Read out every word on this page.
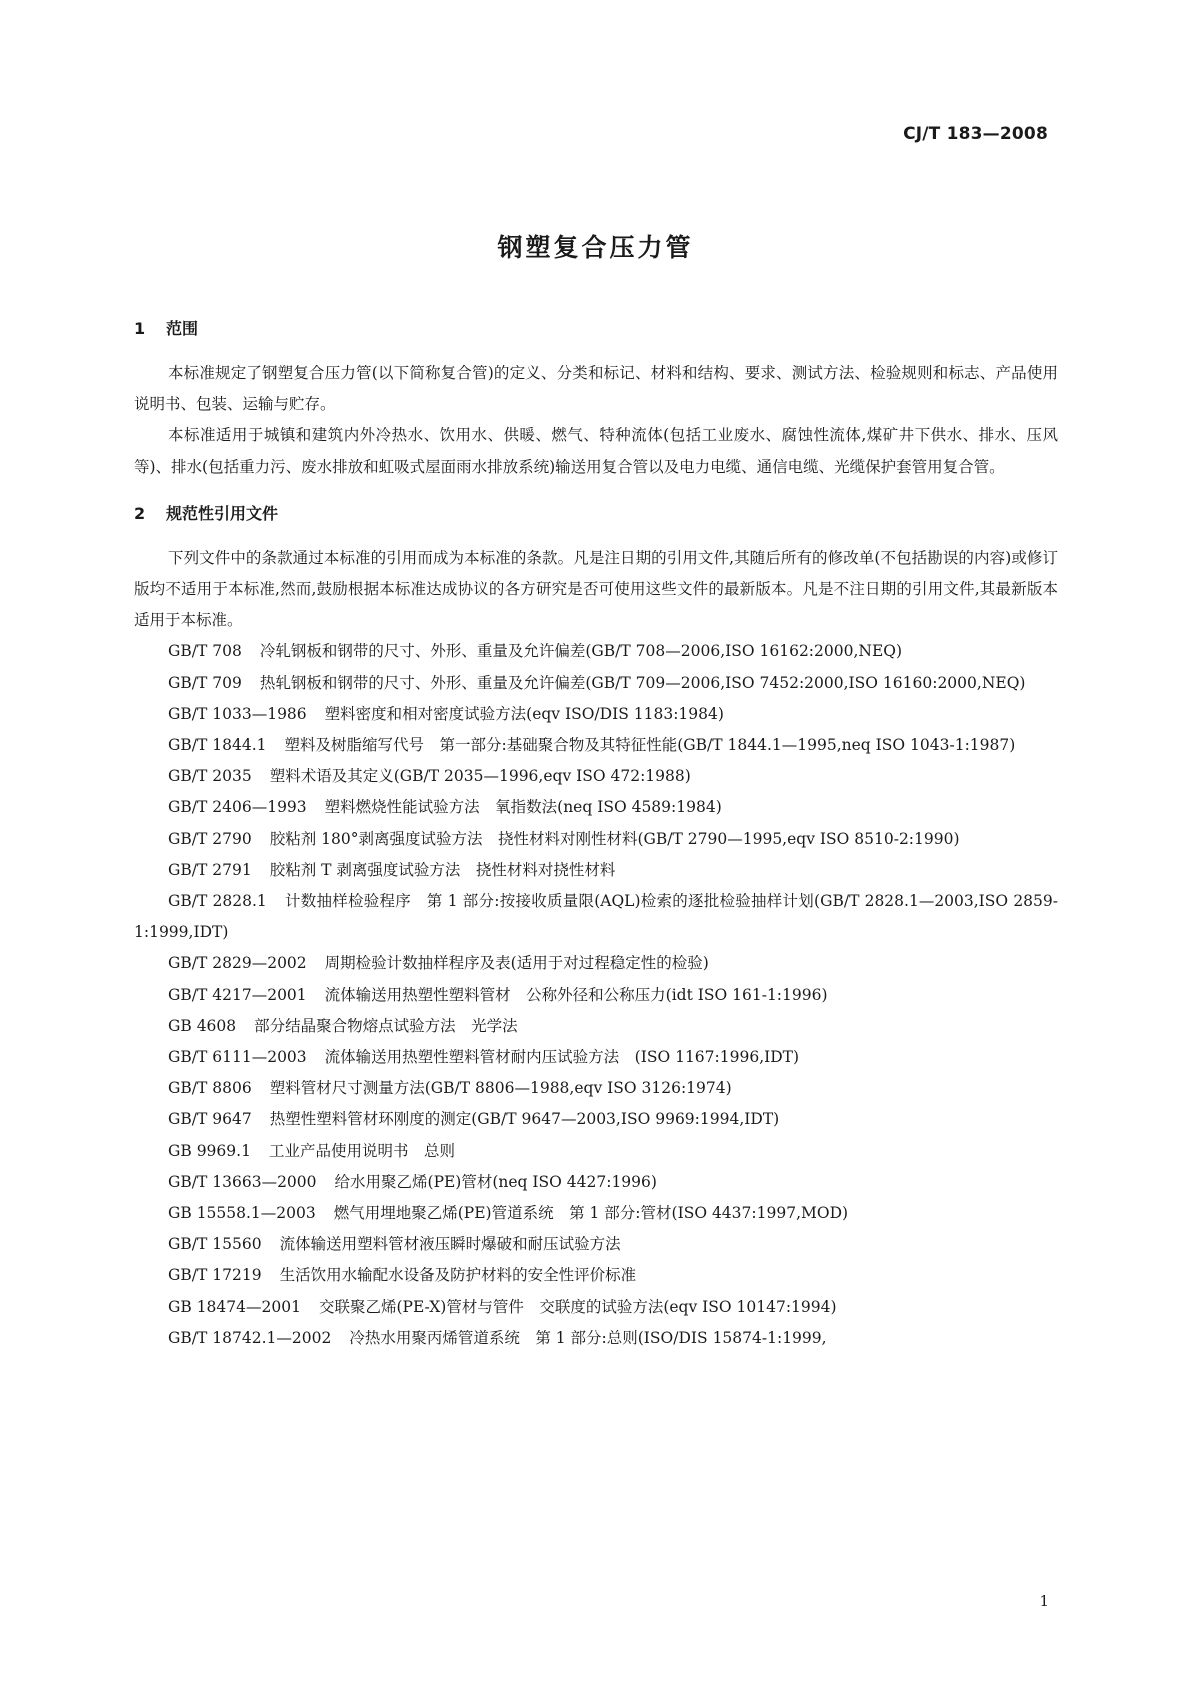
CJ/T 183—2008
钢塑复合压力管
1 范围

本标准规定了钢塑复合压力管(以下简称复合管)的定义、分类和标记、材料和结构、要求、测试方法、检验规则和标志、产品使用说明书、包装、运输与贮存。

本标准适用于城镇和建筑内外冷热水、饮用水、供暖、燃气、特种流体(包括工业废水、腐蚀性流体,煤矿井下供水、排水、压风等)、排水(包括重力污、废水排放和虹吸式屋面雨水排放系统)输送用复合管以及电力电缆、通信电缆、光缆保护套管用复合管。

2 规范性引用文件

下列文件中的条款通过本标准的引用而成为本标准的条款。凡是注日期的引用文件,其随后所有的修改单(不包括勘误的内容)或修订版均不适用于本标准,然而,鼓励根据本标准达成协议的各方研究是否可使用这些文件的最新版本。凡是不注日期的引用文件,其最新版本适用于本标准。

GB/T 708 冷轧钢板和钢带的尺寸、外形、重量及允许偏差(GB/T 708—2006,ISO 16162:2000,NEQ)
GB/T 709 热轧钢板和钢带的尺寸、外形、重量及允许偏差(GB/T 709—2006,ISO 7452:2000,ISO 16160:2000,NEQ)
GB/T 1033—1986 塑料密度和相对密度试验方法(eqv ISO/DIS 1183:1984)
GB/T 1844.1 塑料及树脂缩写代号　第一部分:基础聚合物及其特征性能(GB/T 1844.1—1995,neq ISO 1043-1:1987)
GB/T 2035 塑料术语及其定义(GB/T 2035—1996,eqv ISO 472:1988)
GB/T 2406—1993 塑料燃烧性能试验方法　氧指数法(neq ISO 4589:1984)
GB/T 2790 胶粘剂 180°剥离强度试验方法　挠性材料对刚性材料(GB/T 2790—1995,eqv ISO 8510-2:1990)
GB/T 2791 胶粘剂 T 剥离强度试验方法　挠性材料对挠性材料
GB/T 2828.1 计数抽样检验程序　第 1 部分:按接收质量限(AQL)检索的逐批检验抽样计划(GB/T 2828.1—2003,ISO 2859-1:1999,IDT)
GB/T 2829—2002 周期检验计数抽样程序及表(适用于对过程稳定性的检验)
GB/T 4217—2001 流体输送用热塑性塑料管材　公称外径和公称压力(idt ISO 161-1:1996)
GB 4608 部分结晶聚合物熔点试验方法　光学法
GB/T 6111—2003 流体输送用热塑性塑料管材耐内压试验方法　(ISO 1167:1996,IDT)
GB/T 8806 塑料管材尺寸测量方法(GB/T 8806—1988,eqv ISO 3126:1974)
GB/T 9647 热塑性塑料管材环刚度的测定(GB/T 9647—2003,ISO 9969:1994,IDT)
GB 9969.1 工业产品使用说明书　总则
GB/T 13663—2000 给水用聚乙烯(PE)管材(neq ISO 4427:1996)
GB 15558.1—2003 燃气用埋地聚乙烯(PE)管道系统　第 1 部分:管材(ISO 4437:1997,MOD)
GB/T 15560 流体输送用塑料管材液压瞬时爆破和耐压试验方法
GB/T 17219 生活饮用水输配水设备及防护材料的安全性评价标准
GB 18474—2001 交联聚乙烯(PE-X)管材与管件　交联度的试验方法(eqv ISO 10147:1994)
GB/T 18742.1—2002 冷热水用聚丙烯管道系统　第 1 部分:总则(ISO/DIS 15874-1:1999,
1
